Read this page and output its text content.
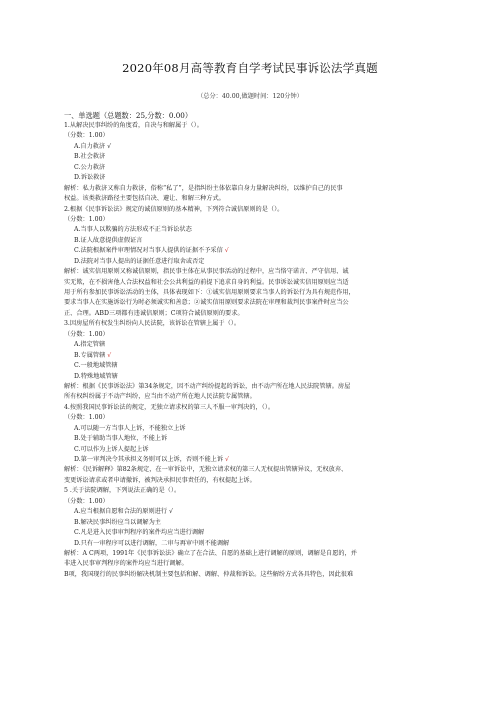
2020年08月高等教育自学考试民事诉讼法学真题
（总分：40.00,做题时间：120分钟）
一、单选题（总题数：25,分数：0.00）
1.从解决民事纠纷的角度看，自决与和解属于（）。
（分数：1.00）
A.自力救济 √
B.社会救济
C.公力救济
D.诉讼救济
解析：私力救济又称自力救济，俗称“私了”，是指纠纷主体依靠自身力量解决纠纷，以维护自己的民事
权益。该类救济路径主要包括自决、避让、和解三种方式。
2.根据《民事诉讼法》规定的诚信原则的基本精神，下列符合诚信原则的是（）。
（分数：1.00）
A.当事人以欺骗的方法形成不正当诉讼状态
B.证人故意提供虚假证言
C.法院根据案件审理情况对当事人提供的证据不予采信 √
D.法院对当事人提出的证据任意进行取舍或否定
解析：诚实信用原则又称诚信原则，指民事主体在从事民事活动的过程中，应当恪守诺言、严守信用、诚
实无欺，在不损害他人合法权益和社会公共利益的前提下追求自身的利益。民事诉讼诚实信用原则应当适
用于所有参加民事诉讼活动的主体，具体表现如下：①诚实信用原则要求当事人的诉讼行为具有规范作用，
要求当事人在实施诉讼行为时必须诚实和善意；②诚实信用原则要求法院在审理和裁判民事案件时应当公
正、合理。ABD三项都有违诚信原则；C项符合诚信原则的要求。
3.因房屋所有权发生纠纷向人民法院，该诉讼在管辖上属于（）。
（分数：1.00）
A.指定管辖
B.专属管辖 √
C.一般地域管辖
D.特殊地域管辖
解析：根据《民事诉讼法》第34条规定，因不动产纠纷提起的诉讼，由不动产所在地人民法院管辖。房屋
所有权纠纷属于不动产纠纷，应当由不动产所在地人民法院专属管辖。
4.按照我国民事诉讼法的规定，无独立请求权的第三人不服一审判决的，（）。
（分数：1.00）
A.可以随一方当事人上诉，不能独立上诉
B.处于辅助当事人地位，不能上诉
C.可以作为上诉人提起上诉
D.第一审判决令其承担义务则可以上诉，否则不能上诉 √
解析：《民诉解释》第82条规定，在一审诉讼中，无独立请求权的第三人无权提出管辖异议，无权放弃、
变更诉讼请求或者申请撤诉，被判决承担民事责任的，有权提起上诉。
5 .关于法院调解，下列说法正确的是（）。
（分数：1.00）
A.应当根据自愿和合法的原则进行 √
B.解决民事纠纷应当以调解为主
C.凡是进入民事审判程序的案件均应当进行调解
D.只有一审程序可以进行调解，二审与再审中则不能调解
解析：A C两项，1991年《民事诉讼法》确立了在合法、自愿的基础上进行调解的原则，调解是自愿的，并
非进入民事审判程序的案件均应当进行调解。
B项，我国现行的民事纠纷解决机制主要包括和解、调解、仲裁和诉讼。这些解纷方式各具特色，因此很难
